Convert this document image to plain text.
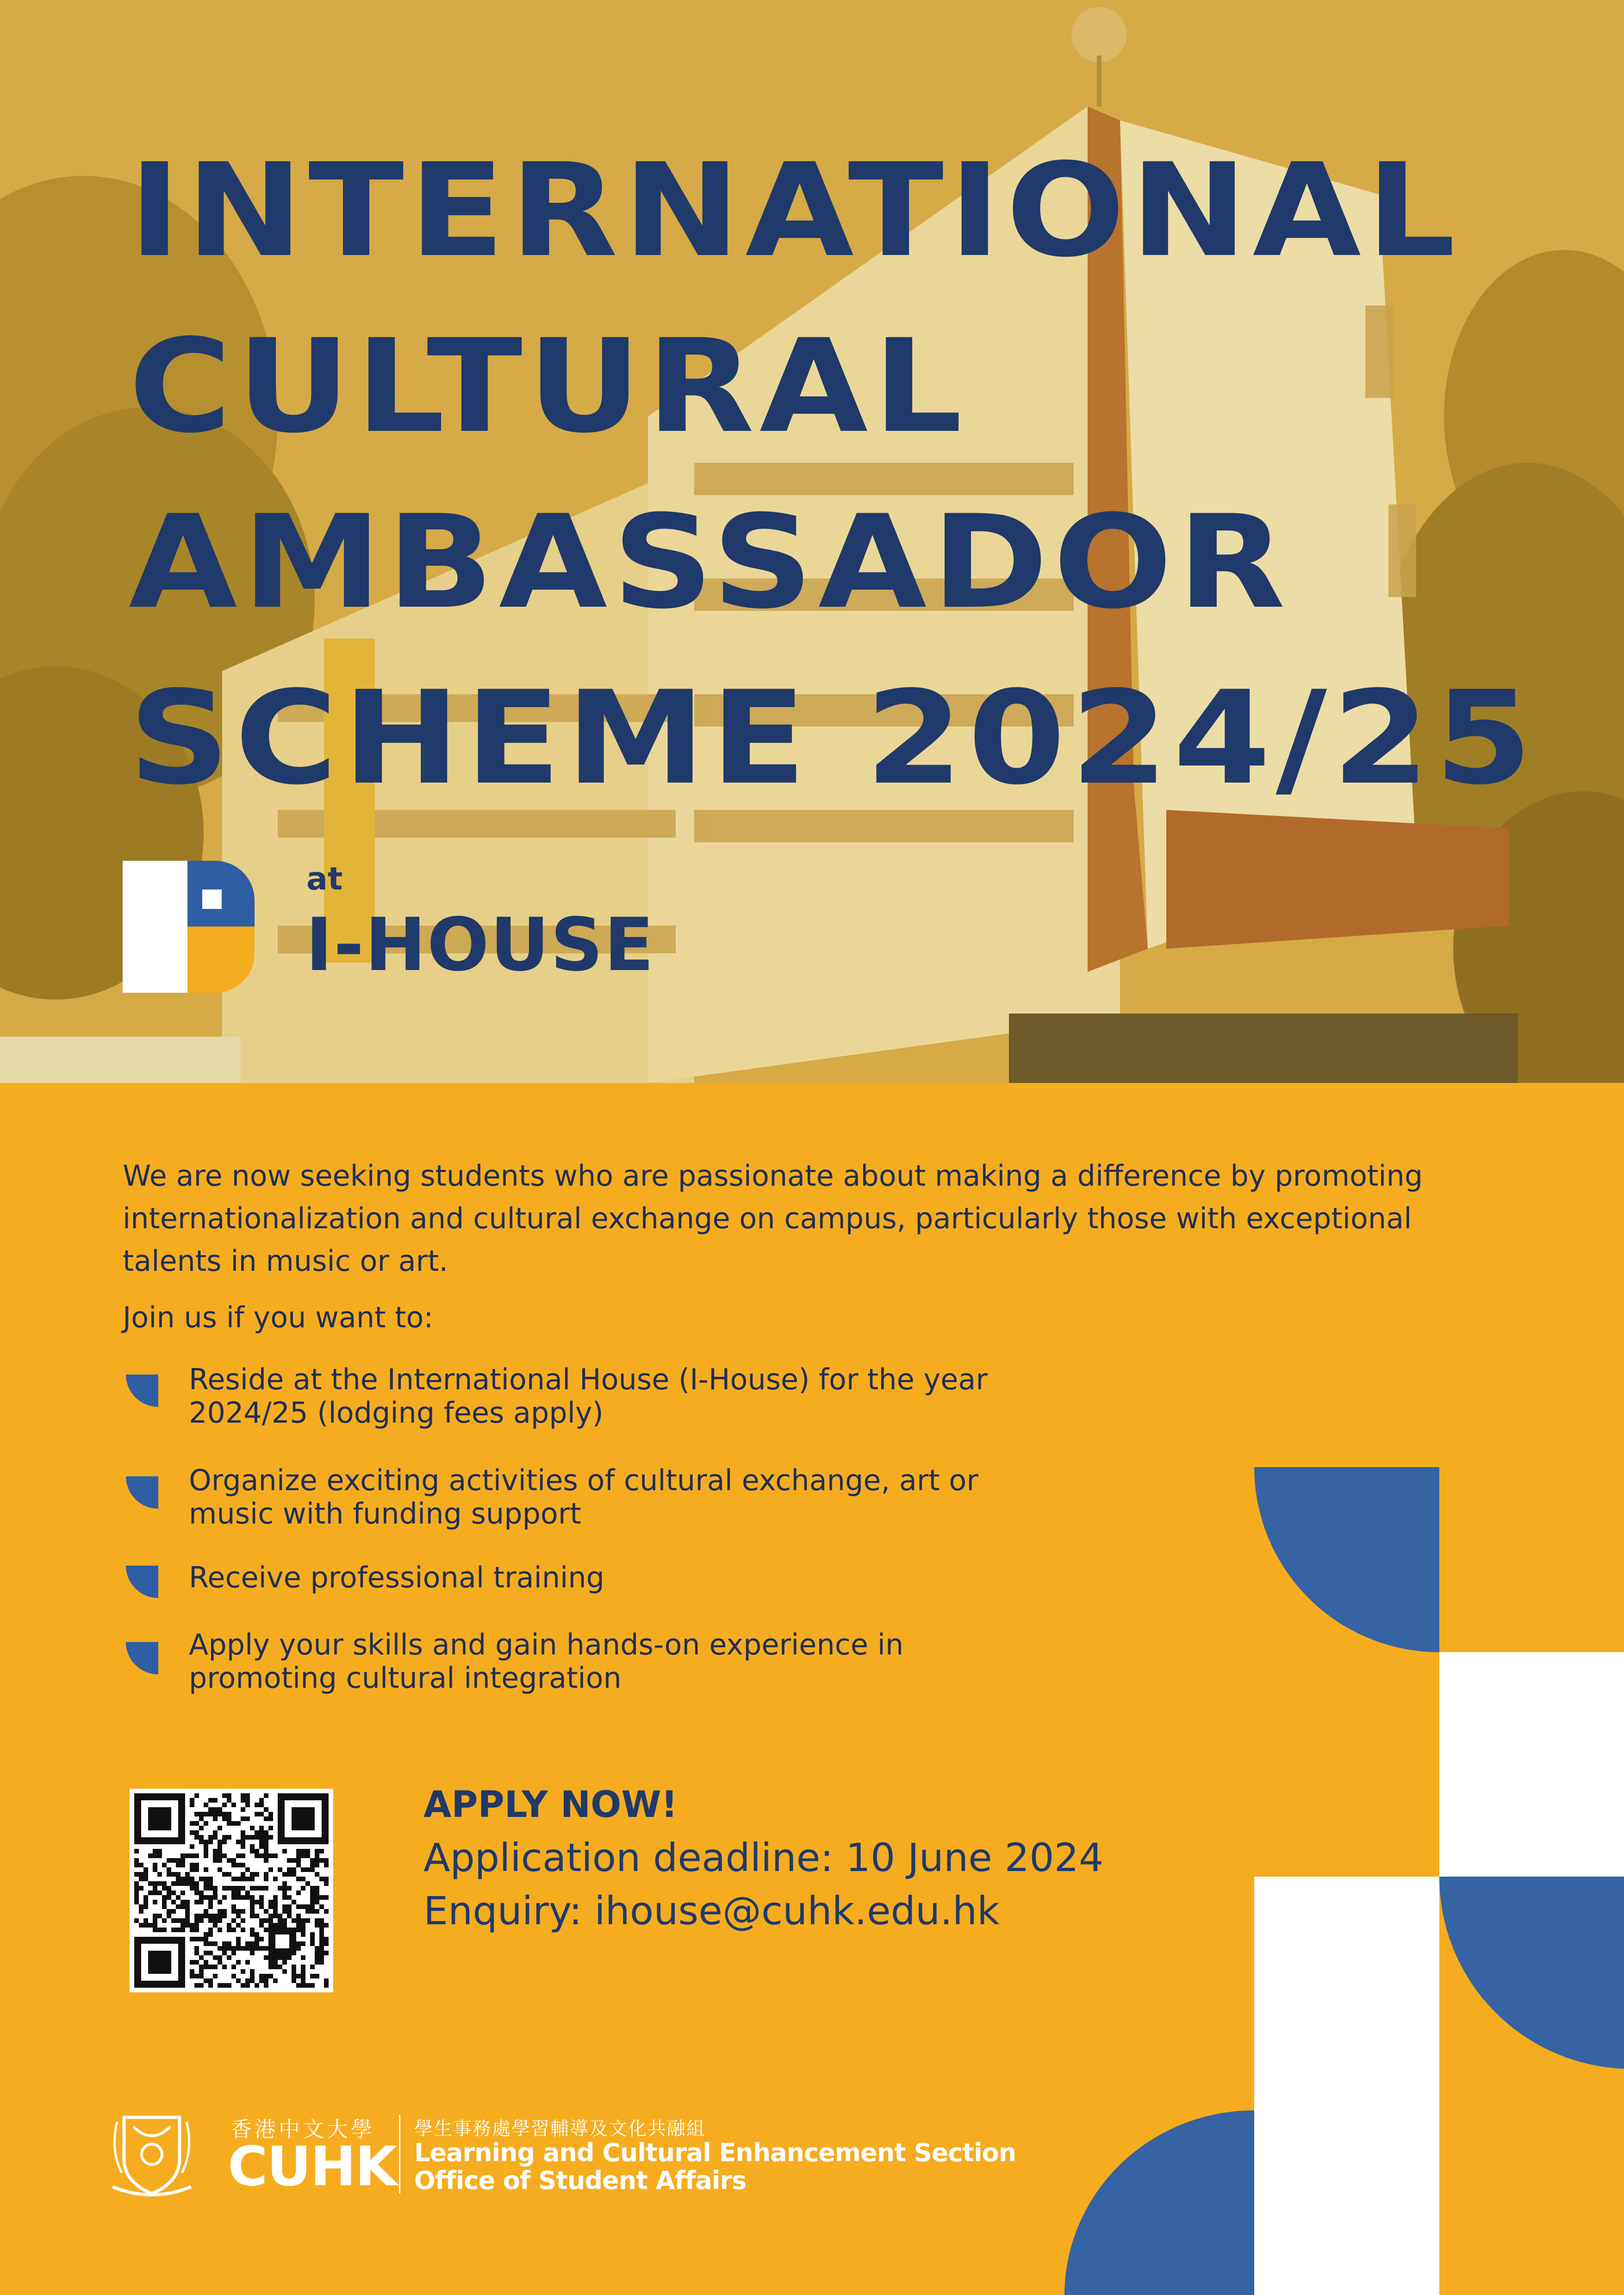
INTERNATIONAL
CULTURAL
AMBASSADOR
SCHEME 2024/25
at
I-HOUSE

We are now seeking students who are passionate about making a difference by promoting internationalization and cultural exchange on campus, particularly those with exceptional talents in music or art.

Join us if you want to:
Reside at the International House (I-House) for the year 2024/25 (lodging fees apply)
Organize exciting activities of cultural exchange, art or music with funding support
Receive professional training
Apply your skills and gain hands-on experience in promoting cultural integration
APPLY NOW!
Application deadline: 10 June 2024
Enquiry: ihouse@cuhk.edu.hk
香港中文大學
CUHK
學生事務處學習輔導及文化共融組
Learning and Cultural Enhancement Section
Office of Student Affairs
